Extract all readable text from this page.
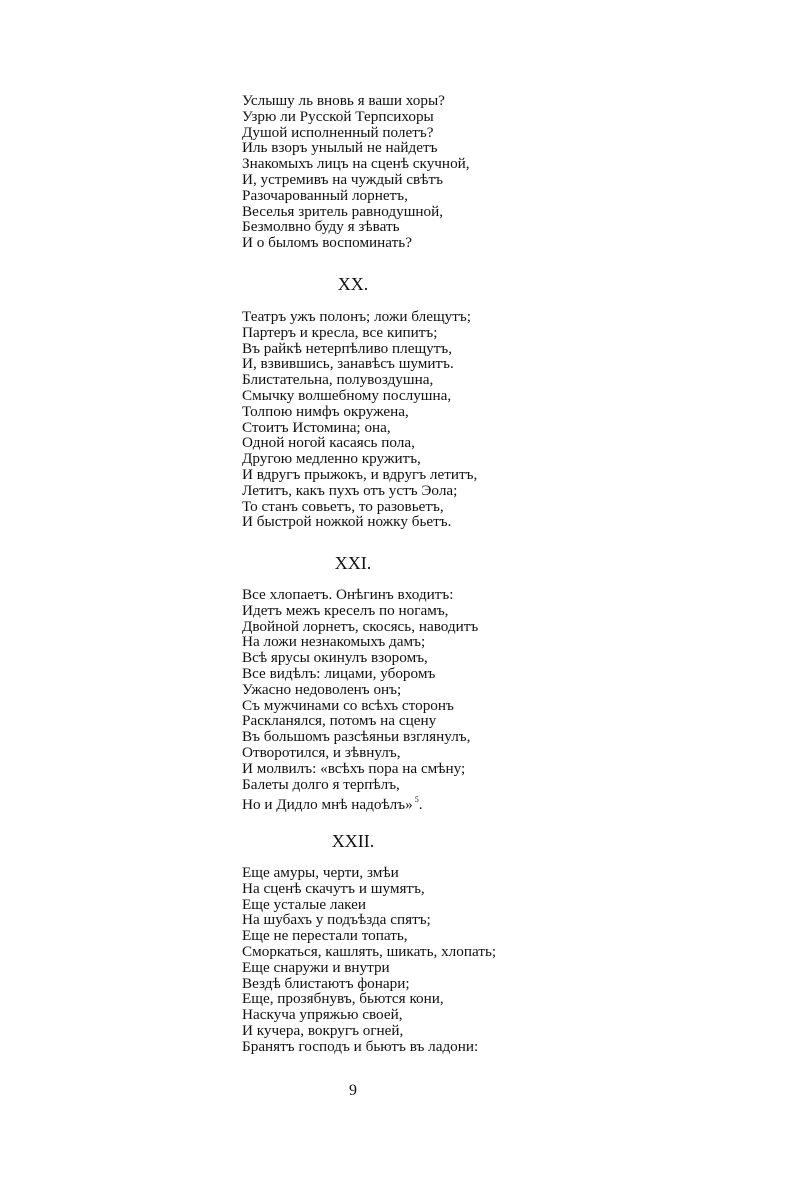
Услышу ль вновь я ваши хоры?
Узрю ли Русской Терпсихоры
Душой исполненный полетъ?
Иль взоръ унылый не найдетъ
Знакомыхъ лицъ на сценѣ скучной,
И, устремивъ на чуждый свѣтъ
Разочарованный лорнетъ,
Веселья зритель равнодушной,
Безмолвно буду я зѣвать
И о быломъ воспоминать?
XX.
Театръ ужъ полонъ; ложи блещутъ;
Партеръ и кресла, все кипитъ;
Въ райкѣ нетерпѣливо плещутъ,
И, взвившись, занавѣсъ шумитъ.
Блистательна, полувоздушна,
Смычку волшебному послушна,
Толпою нимфъ окружена,
Стоитъ Истомина; она,
Одной ногой касаясь пола,
Другою медленно кружитъ,
И вдругъ прыжокъ, и вдругъ летитъ,
Летитъ, какъ пухъ отъ устъ Эола;
То станъ совьетъ, то разовьетъ,
И быстрой ножкой ножку бьетъ.
XXI.
Все хлопаетъ. Онѣгинъ входитъ:
Идетъ межъ креселъ по ногамъ,
Двойной лорнетъ, скосясь, наводитъ
На ложи незнакомыхъ дамъ;
Всѣ ярусы окинулъ взоромъ,
Все видѣлъ: лицами, уборомъ
Ужасно недоволенъ онъ;
Съ мужчинами со всѣхъ сторонъ
Раскланялся, потомъ на сцену
Въ большомъ разсѣяньи взглянулъ,
Отворотился, и зѣвнулъ,
И молвилъ: «всѣхъ пора на смѣну;
Балеты долго я терпѣлъ,
Но и Дидло мнѣ надоѣлъ» $^5$.
XXII.
Еще амуры, черти, змѣи
На сценѣ скачутъ и шумятъ,
Еще усталые лакеи
На шубахъ у подъѣзда спятъ;
Еще не перестали топать,
Сморкаться, кашлять, шикать, хлопать;
Еще снаружи и внутри
Вездѣ блистаютъ фонари;
Еще, прозябнувъ, бьются кони,
Наскуча упряжью своей,
И кучера, вокругъ огней,
Бранятъ господъ и бьютъ въ ладони:
9
